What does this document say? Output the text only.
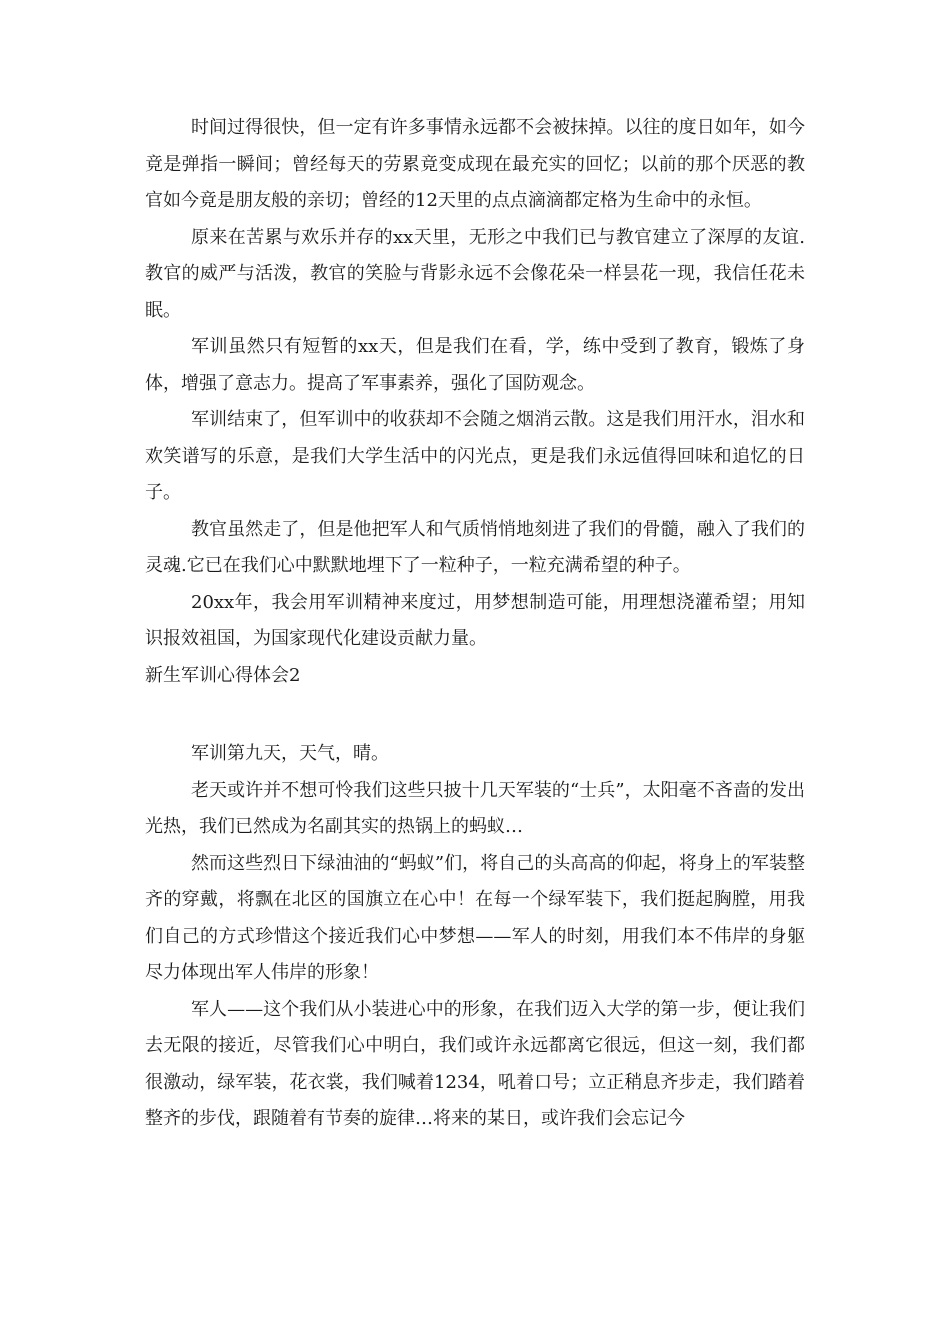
时间过得很快，但一定有许多事情永远都不会被抹掉。以往的度日如年，如今竟是弹指一瞬间；曾经每天的劳累竟变成现在最充实的回忆；以前的那个厌恶的教官如今竟是朋友般的亲切；曾经的12天里的点点滴滴都定格为生命中的永恒。

原来在苦累与欢乐并存的xx天里，无形之中我们已与教官建立了深厚的友谊.教官的威严与活泼，教官的笑脸与背影永远不会像花朵一样昙花一现，我信任花未眠。

军训虽然只有短暂的xx天，但是我们在看，学，练中受到了教育，锻炼了身体，增强了意志力。提高了军事素养，强化了国防观念。

军训结束了，但军训中的收获却不会随之烟消云散。这是我们用汗水，泪水和欢笑谱写的乐意，是我们大学生活中的闪光点，更是我们永远值得回味和追忆的日子。

教官虽然走了，但是他把军人和气质悄悄地刻进了我们的骨髓，融入了我们的灵魂.它已在我们心中默默地埋下了一粒种子，一粒充满希望的种子。

20xx年，我会用军训精神来度过，用梦想制造可能，用理想浇灌希望；用知识报效祖国，为国家现代化建设贡献力量。

新生军训心得体会2

军训第九天，天气，晴。

老天或许并不想可怜我们这些只披十几天军装的“士兵”，太阳毫不吝啬的发出光热，我们已然成为名副其实的热锅上的蚂蚁…

然而这些烈日下绿油油的“蚂蚁”们，将自己的头高高的仰起，将身上的军装整齐的穿戴，将飘在北区的国旗立在心中！在每一个绿军装下，我们挺起胸膛，用我们自己的方式珍惜这个接近我们心中梦想——军人的时刻，用我们本不伟岸的身躯尽力体现出军人伟岸的形象！

军人——这个我们从小装进心中的形象，在我们迈入大学的第一步，便让我们去无限的接近，尽管我们心中明白，我们或许永远都离它很远，但这一刻，我们都很激动，绿军装，花衣裳，我们喊着1234，吼着口号；立正稍息齐步走，我们踏着整齐的步伐，跟随着有节奏的旋律…将来的某日，或许我们会忘记今
